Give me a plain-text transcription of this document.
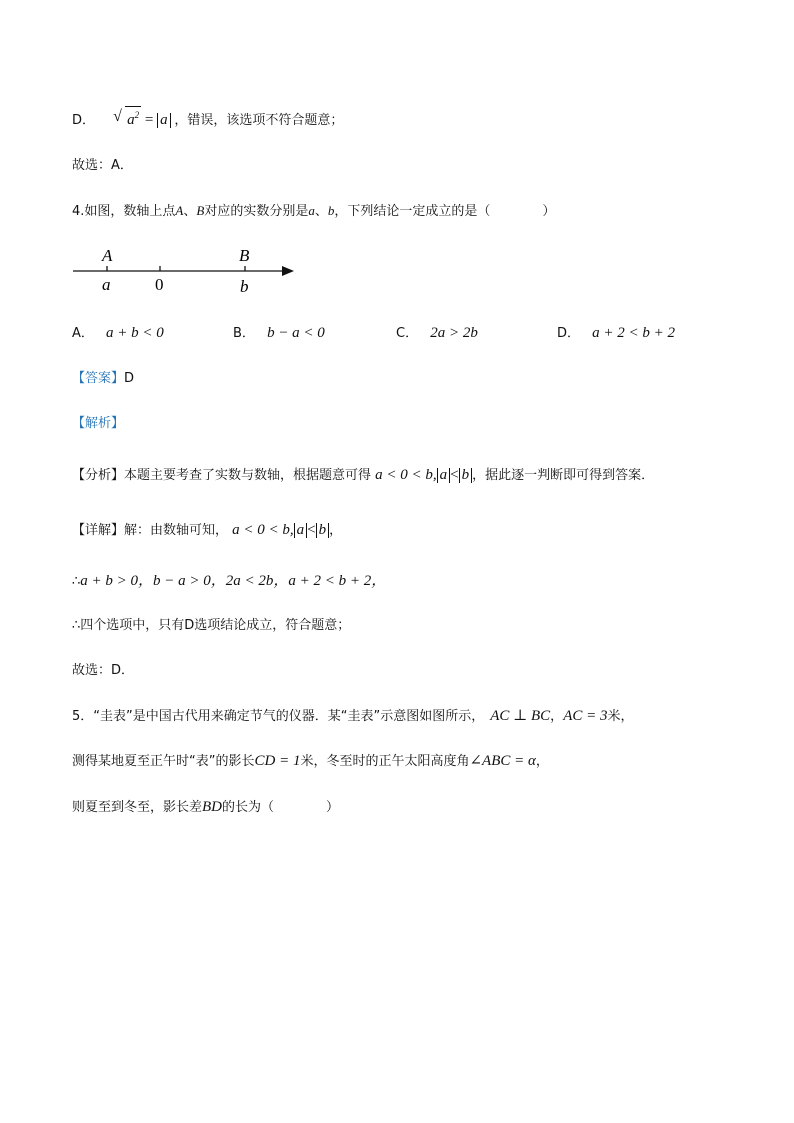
D． √ $a^2 = a$ ，错误，该选项不符合题意；
故选：A．
4.如图，数轴上点A、B对应的实数分别是a、b，下列结论一定成立的是（　　　　）
A	B
a	0	b
A． a + b < 0	B． b − a < 0	C． 2a > 2b	D． a + 2 < b + 2
【答案】D
【解析】
【分析】本题主要考查了实数与数轴，根据题意可得 a < 0 < b, a < b ，据此逐一判断即可得到答案．
【详解】解：由数轴可知， a < 0 < b, a < b ，
∴a + b > 0，b − a > 0，2a < 2b，a + 2 < b + 2，
∴四个选项中，只有D选项结论成立，符合题意；
故选：D．
5．“圭表”是中国古代用来确定节气的仪器．某“圭表”示意图如图所示， AC ⊥ BC，AC = 3米，
测得某地夏至正午时“表”的影长CD = 1米，冬至时的正午太阳高度角∠ABC = α，
则夏至到冬至，影长差BD的长为（　　　　）
